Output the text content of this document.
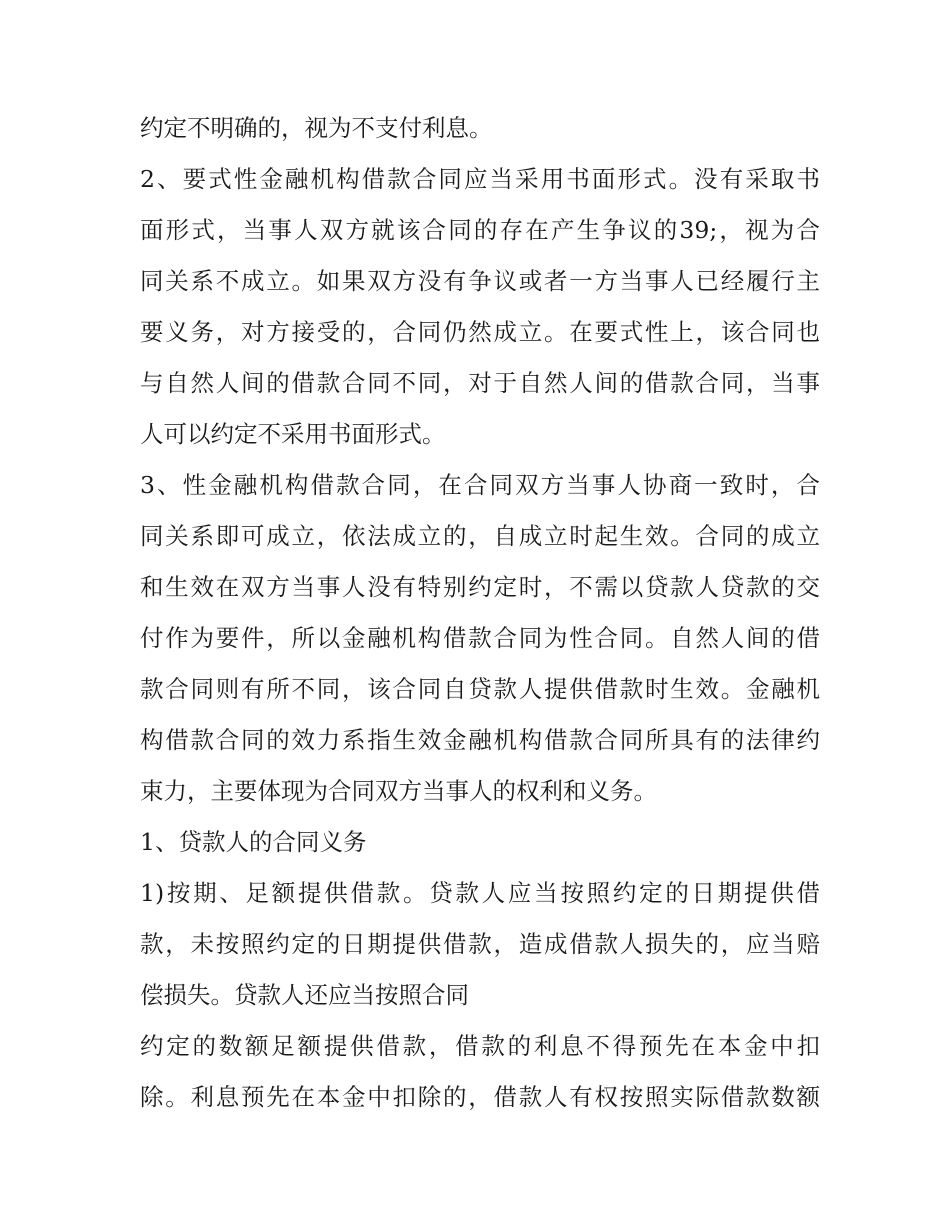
约定不明确的，视为不支付利息。
2、要式性金融机构借款合同应当采用书面形式。没有采取书
面形式，当事人双方就该合同的存在产生争议的39;，视为合
同关系不成立。如果双方没有争议或者一方当事人已经履行主
要义务，对方接受的，合同仍然成立。在要式性上，该合同也
与自然人间的借款合同不同，对于自然人间的借款合同，当事
人可以约定不采用书面形式。
3、性金融机构借款合同，在合同双方当事人协商一致时，合
同关系即可成立，依法成立的，自成立时起生效。合同的成立
和生效在双方当事人没有特别约定时，不需以贷款人贷款的交
付作为要件，所以金融机构借款合同为性合同。自然人间的借
款合同则有所不同，该合同自贷款人提供借款时生效。金融机
构借款合同的效力系指生效金融机构借款合同所具有的法律约
束力，主要体现为合同双方当事人的权利和义务。
1、贷款人的合同义务
1)按期、足额提供借款。贷款人应当按照约定的日期提供借
款，未按照约定的日期提供借款，造成借款人损失的，应当赔
偿损失。贷款人还应当按照合同
约定的数额足额提供借款，借款的利息不得预先在本金中扣
除。利息预先在本金中扣除的，借款人有权按照实际借款数额
